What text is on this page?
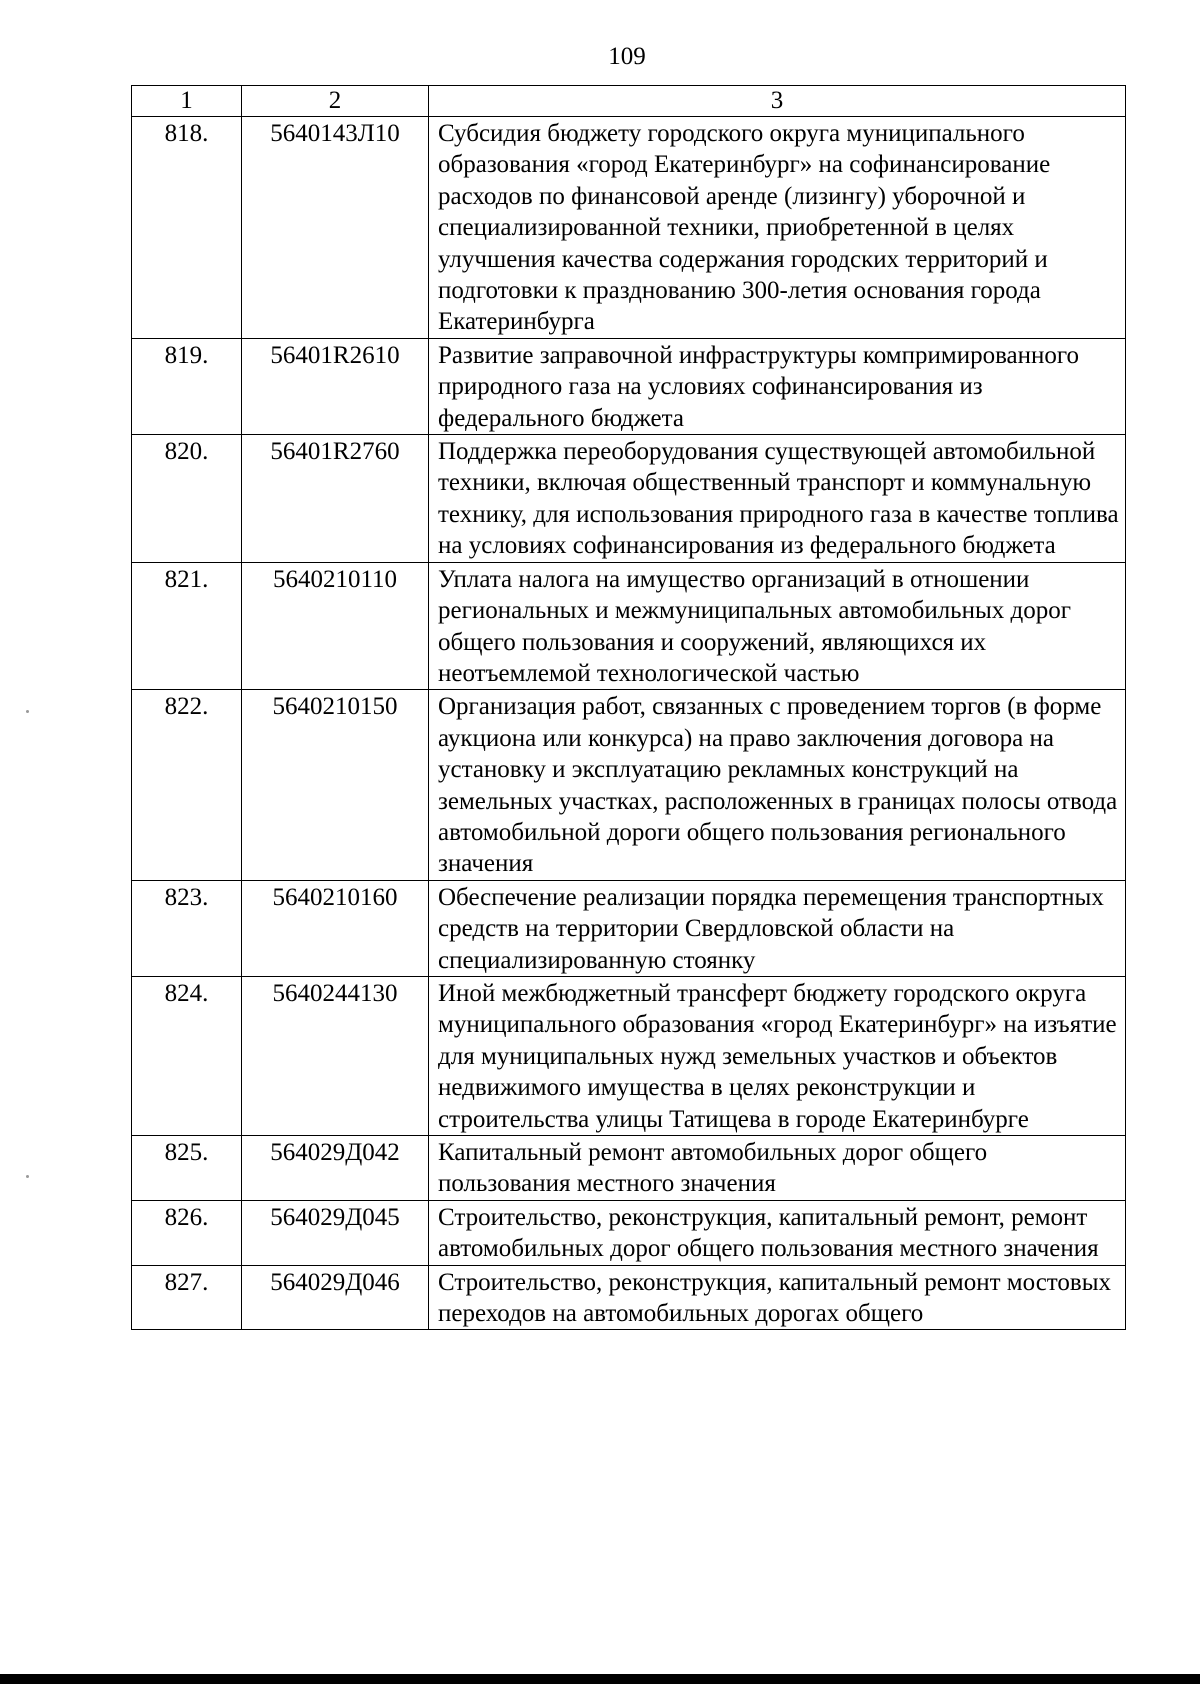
109
1	2	3
818.	5640143Л10	Субсидия бюджету городского округа муниципального образования «город Екатеринбург» на софинансирование расходов по финансовой аренде (лизингу) уборочной и специализированной техники, приобретенной в целях улучшения качества содержания городских территорий и подготовки к празднованию 300-летия основания города Екатеринбурга
819.	56401R2610	Развитие заправочной инфраструктуры компримированного природного газа на условиях софинансирования из федерального бюджета
820.	56401R2760	Поддержка переоборудования существующей автомобильной техники, включая общественный транспорт и коммунальную технику, для использования природного газа в качестве топлива на условиях софинансирования из федерального бюджета
821.	5640210110	Уплата налога на имущество организаций в отношении региональных и межмуниципальных автомобильных дорог общего пользования и сооружений, являющихся их неотъемлемой технологической частью
822.	5640210150	Организация работ, связанных с проведением торгов (в форме аукциона или конкурса) на право заключения договора на установку и эксплуатацию рекламных конструкций на земельных участках, расположенных в границах полосы отвода автомобильной дороги общего пользования регионального значения
823.	5640210160	Обеспечение реализации порядка перемещения транспортных средств на территории Свердловской области на специализированную стоянку
824.	5640244130	Иной межбюджетный трансферт бюджету городского округа муниципального образования «город Екатеринбург» на изъятие для муниципальных нужд земельных участков и объектов недвижимого имущества в целях реконструкции и строительства улицы Татищева в городе Екатеринбурге
825.	564029Д042	Капитальный ремонт автомобильных дорог общего пользования местного значения
826.	564029Д045	Строительство, реконструкция, капитальный ремонт, ремонт автомобильных дорог общего пользования местного значения
827.	564029Д046	Строительство, реконструкция, капитальный ремонт мостовых переходов на автомобильных дорогах общего
